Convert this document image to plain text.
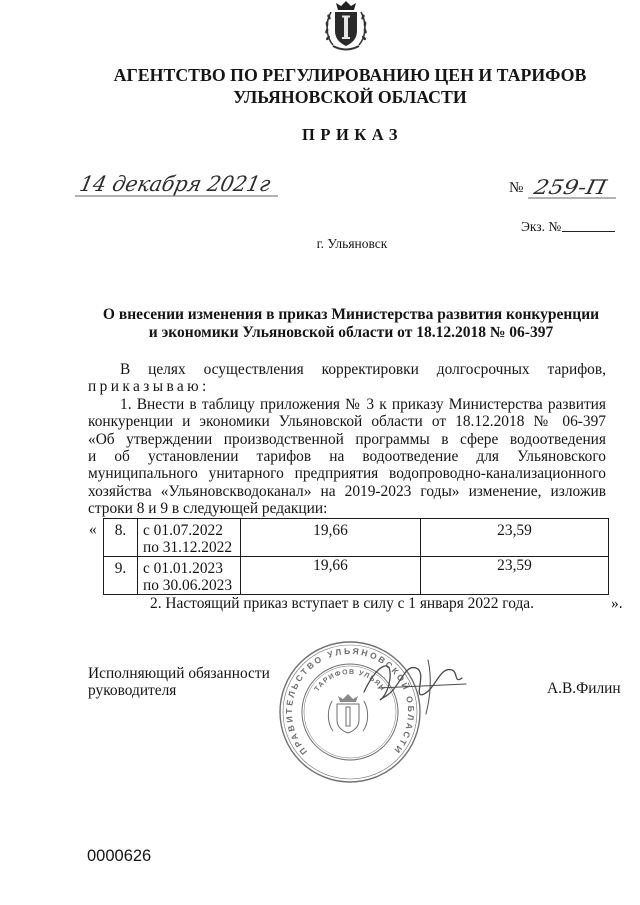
АГЕНТСТВО ПО РЕГУЛИРОВАНИЮ ЦЕН И ТАРИФОВ
УЛЬЯНОВСКОЙ ОБЛАСТИ
ПРИКАЗ
14 декабря 2021г	№ 259-П
Экз. №
г. Ульяновск
О внесении изменения в приказ Министерства развития конкуренции
и экономики Ульяновской области от 18.12.2018 № 06-397
В целях осуществления корректировки долгосрочных тарифов,
приказываю:
1. Внести в таблицу приложения № 3 к приказу Министерства развития
конкуренции и экономики Ульяновской области от 18.12.2018 № 06-397
«Об утверждении производственной программы в сфере водоотведения
и об установлении тарифов на водоотведение для Ульяновского
муниципального унитарного предприятия водопроводно-канализационного
хозяйства «Ульяновскводоканал» на 2019-2023 годы» изменение, изложив
строки 8 и 9 в следующей редакции:
« 8.	с 01.07.2022
по 31.12.2022	19,66	23,59
9.	с 01.01.2023
по 30.06.2023	19,66	23,59
».
2. Настоящий приказ вступает в силу с 1 января 2022 года.
Исполняющий обязанности
руководителя	А.В.Филин
ПРАВИТЕЛЬСТВО УЛЬЯНОВСКОЙ ОБЛАСТИ
ТАРИФОВ УЛЬЯН
0000626
